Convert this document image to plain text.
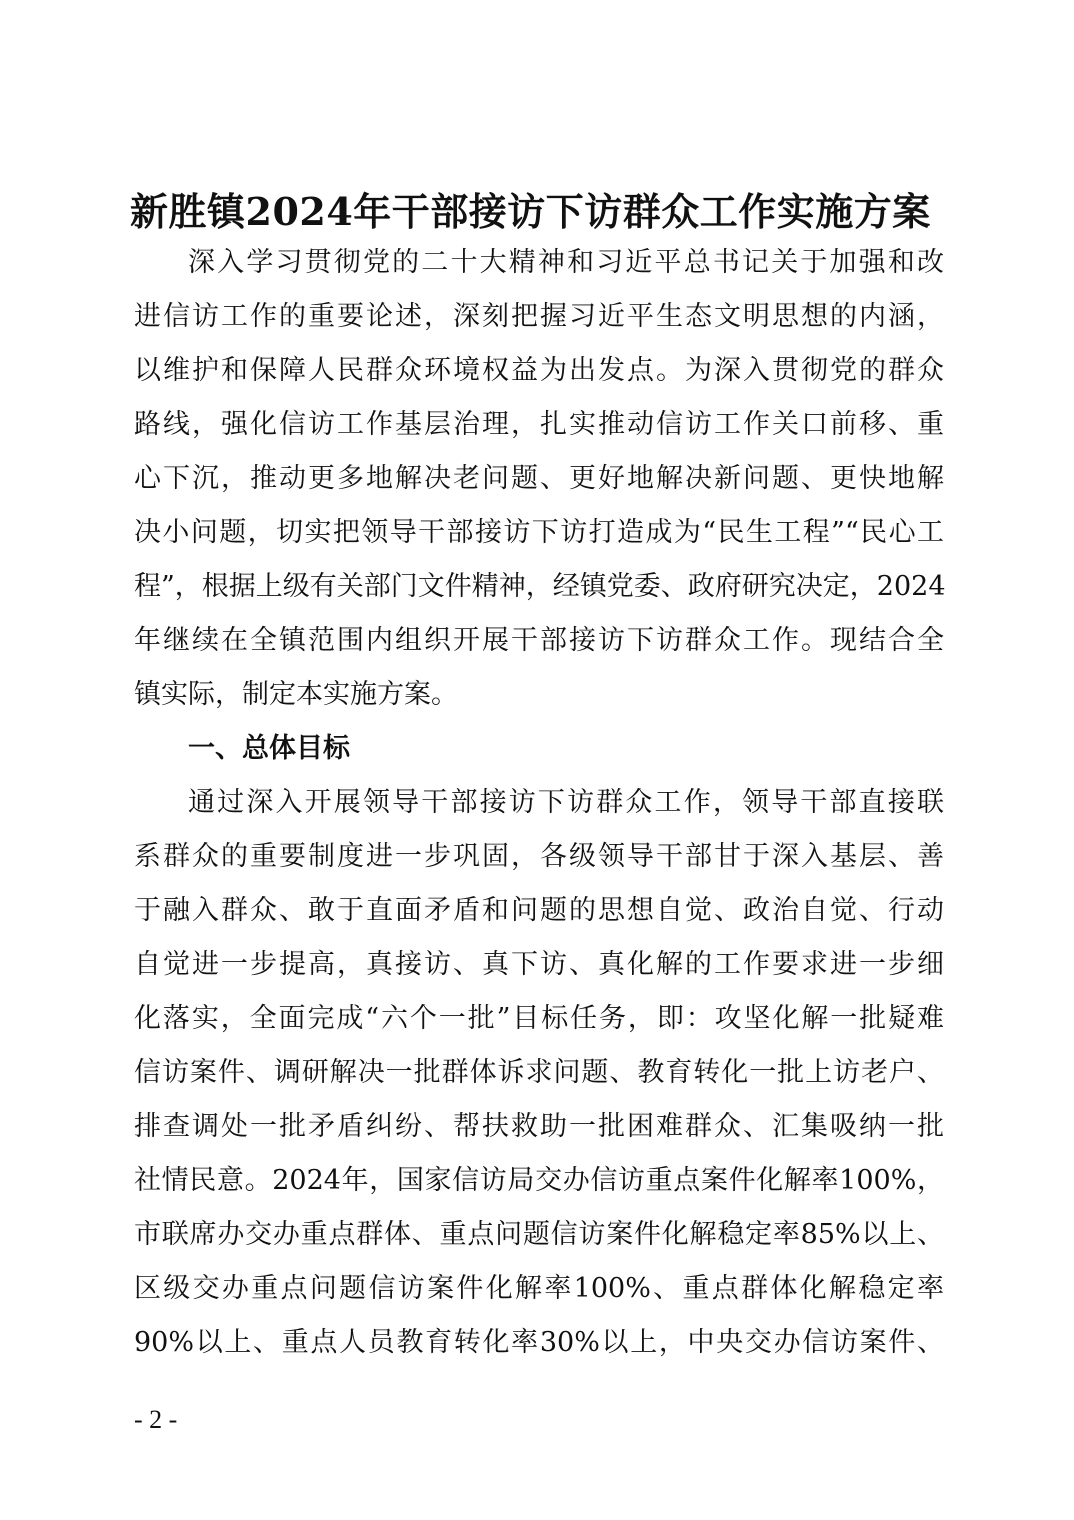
新胜镇2024年干部接访下访群众工作实施方案
深入学习贯彻党的二十大精神和习近平总书记关于加强和改
进信访工作的重要论述，深刻把握习近平生态文明思想的内涵，
以维护和保障人民群众环境权益为出发点。为深入贯彻党的群众
路线，强化信访工作基层治理，扎实推动信访工作关口前移、重
心下沉，推动更多地解决老问题、更好地解决新问题、更快地解
决小问题，切实把领导干部接访下访打造成为“民生工程”“民心工
程”，根据上级有关部门文件精神，经镇党委、政府研究决定，2024
年继续在全镇范围内组织开展干部接访下访群众工作。现结合全
镇实际，制定本实施方案。
一、总体目标
通过深入开展领导干部接访下访群众工作，领导干部直接联
系群众的重要制度进一步巩固，各级领导干部甘于深入基层、善
于融入群众、敢于直面矛盾和问题的思想自觉、政治自觉、行动
自觉进一步提高，真接访、真下访、真化解的工作要求进一步细
化落实，全面完成“六个一批”目标任务，即：攻坚化解一批疑难
信访案件、调研解决一批群体诉求问题、教育转化一批上访老户、
排查调处一批矛盾纠纷、帮扶救助一批困难群众、汇集吸纳一批
社情民意。2024年，国家信访局交办信访重点案件化解率100%，
市联席办交办重点群体、重点问题信访案件化解稳定率85%以上、
区级交办重点问题信访案件化解率100%、重点群体化解稳定率
90%以上、重点人员教育转化率30%以上，中央交办信访案件、
- 2 -
